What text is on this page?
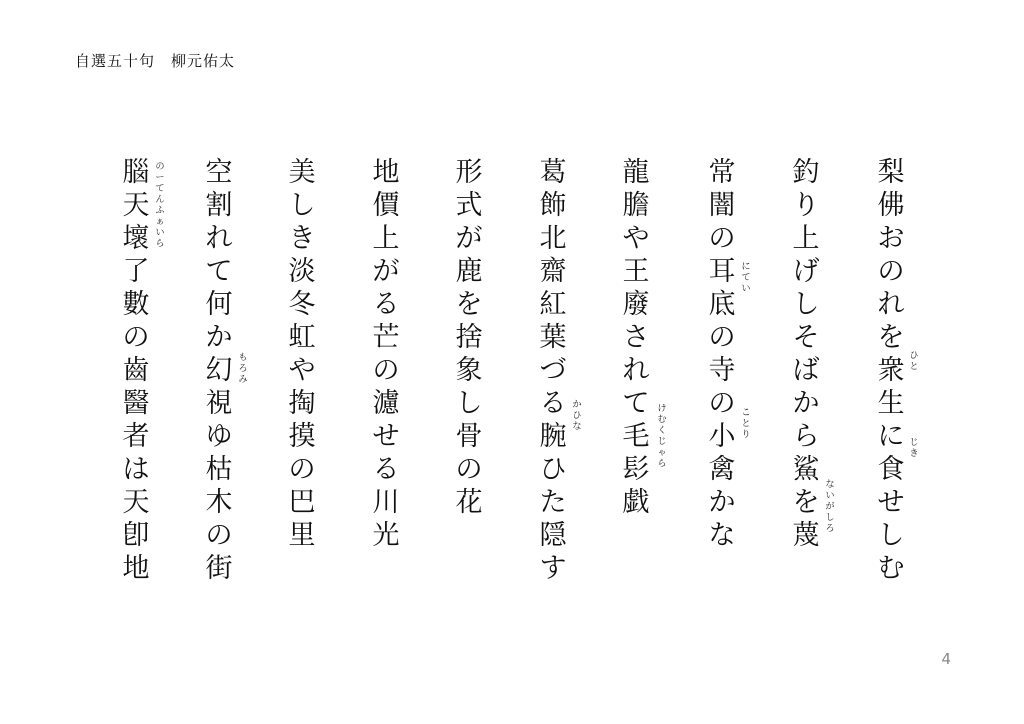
自選五十句 柳元佑太
梨
佛
お
の
れ
を
衆
生
に
食
せ
し
む
釣
り
上
げ
し
そ
ば
か
ら
鯊
を
蔑
常
闇
の
耳
底
の
寺
の
小
禽
か
な
龍
膽
や
王
廢
さ
れ
て
毛
髟
戯
葛
飾
北
齋
紅
葉
づ
る
腕
ひ
た
隠
す
形
式
が
鹿
を
捨
象
し
骨
の
花
地
價
上
が
る
芒
の
濾
せ
る
川
光
美
し
き
淡
冬
虹
や
掏
摸
の
巴
里
空
割
れ
て
何
か
幻
視
ゆ
枯
木
の
街
腦
天
壞
了
數
の
齒
醫
者
は
天
卽
地
ひ
と
じ
き
な
い
が
し
ろ
に
て
い
こ
と
り
け
む
く
じ
ゃ
ら
か
ひ
な
も
ろ
み
の
ー
て
ん
ふ
ぁ
い
ら
4
